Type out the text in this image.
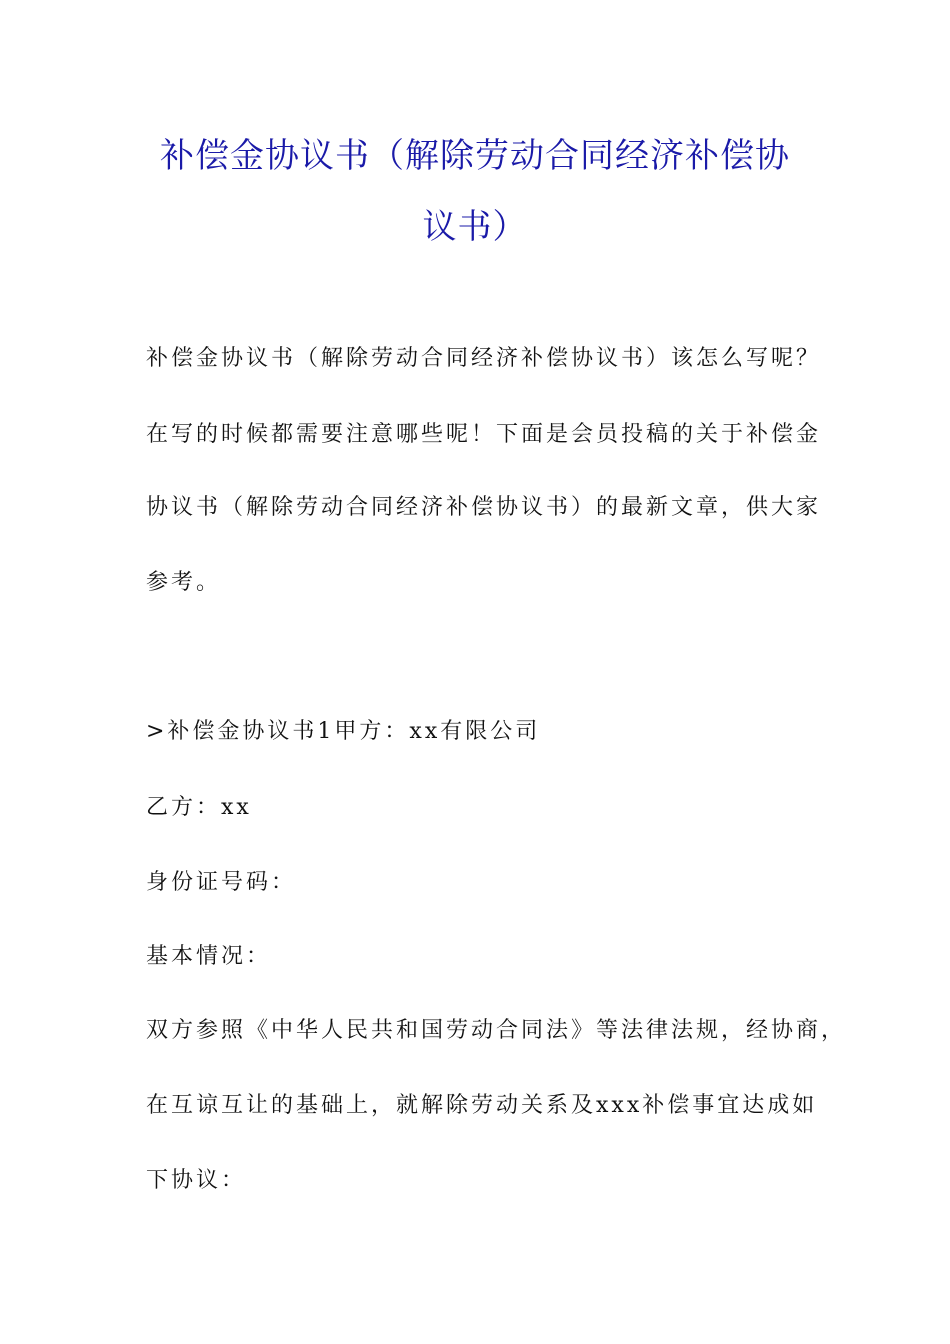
补偿金协议书（解除劳动合同经济补偿协
议书）
补偿金协议书（解除劳动合同经济补偿协议书）该怎么写呢？
在写的时候都需要注意哪些呢！下面是会员投稿的关于补偿金
协议书（解除劳动合同经济补偿协议书）的最新文章，供大家
参考。
>补偿金协议书1甲方：xx有限公司
乙方：xx
身份证号码：
基本情况：
双方参照《中华人民共和国劳动合同法》等法律法规，经协商，
在互谅互让的基础上，就解除劳动关系及xxx补偿事宜达成如
下协议：
